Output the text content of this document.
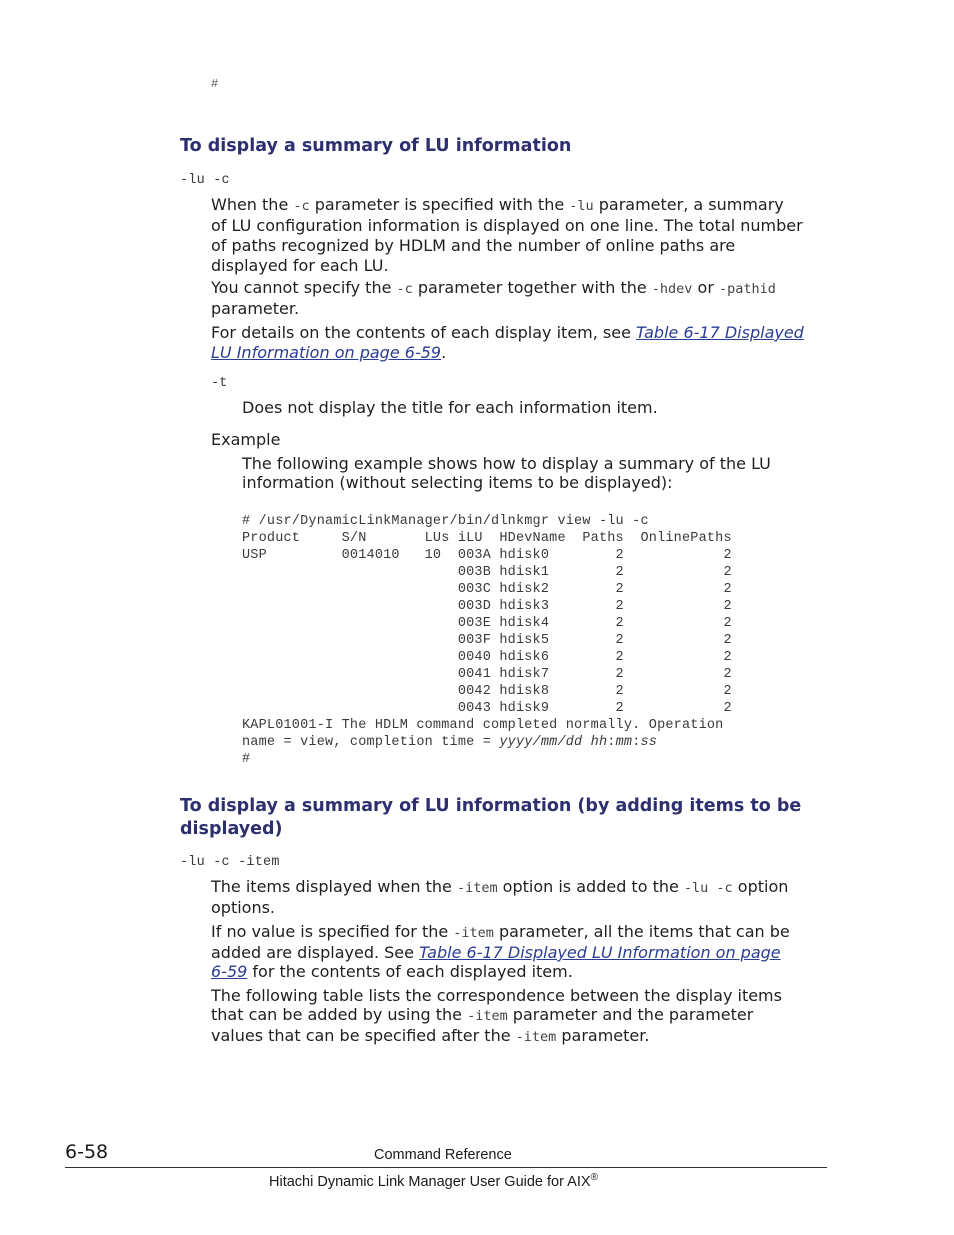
#
To display a summary of LU information
-lu -c
When the -c parameter is specified with the -lu parameter, a summary
of LU configuration information is displayed on one line. The total number
of paths recognized by HDLM and the number of online paths are
displayed for each LU.
You cannot specify the -c parameter together with the -hdev or -pathid
parameter.
For details on the contents of each display item, see Table 6-17 Displayed
LU Information on page 6-59.
-t
Does not display the title for each information item.
Example
The following example shows how to display a summary of the LU
information (without selecting items to be displayed):
# /usr/DynamicLinkManager/bin/dlnkmgr view -lu -c
Product     S/N       LUs iLU  HDevName  Paths  OnlinePaths
USP         0014010   10  003A hdisk0        2            2
003B hdisk1        2            2
003C hdisk2        2            2
003D hdisk3        2            2
003E hdisk4        2            2
003F hdisk5        2            2
0040 hdisk6        2            2
0041 hdisk7        2            2
0042 hdisk8        2            2
0043 hdisk9        2            2
KAPL01001-I The HDLM command completed normally. Operation
name = view, completion time = yyyy/mm/dd hh:mm:ss
#
To display a summary of LU information (by adding items to be
displayed)
-lu -c -item
The items displayed when the -item option is added to the -lu -c option
options.
If no value is specified for the -item parameter, all the items that can be
added are displayed. See Table 6-17 Displayed LU Information on page
6-59 for the contents of each displayed item.
The following table lists the correspondence between the display items
that can be added by using the -item parameter and the parameter
values that can be specified after the -item parameter.
6-58	Command Reference
Hitachi Dynamic Link Manager User Guide for AIX®
